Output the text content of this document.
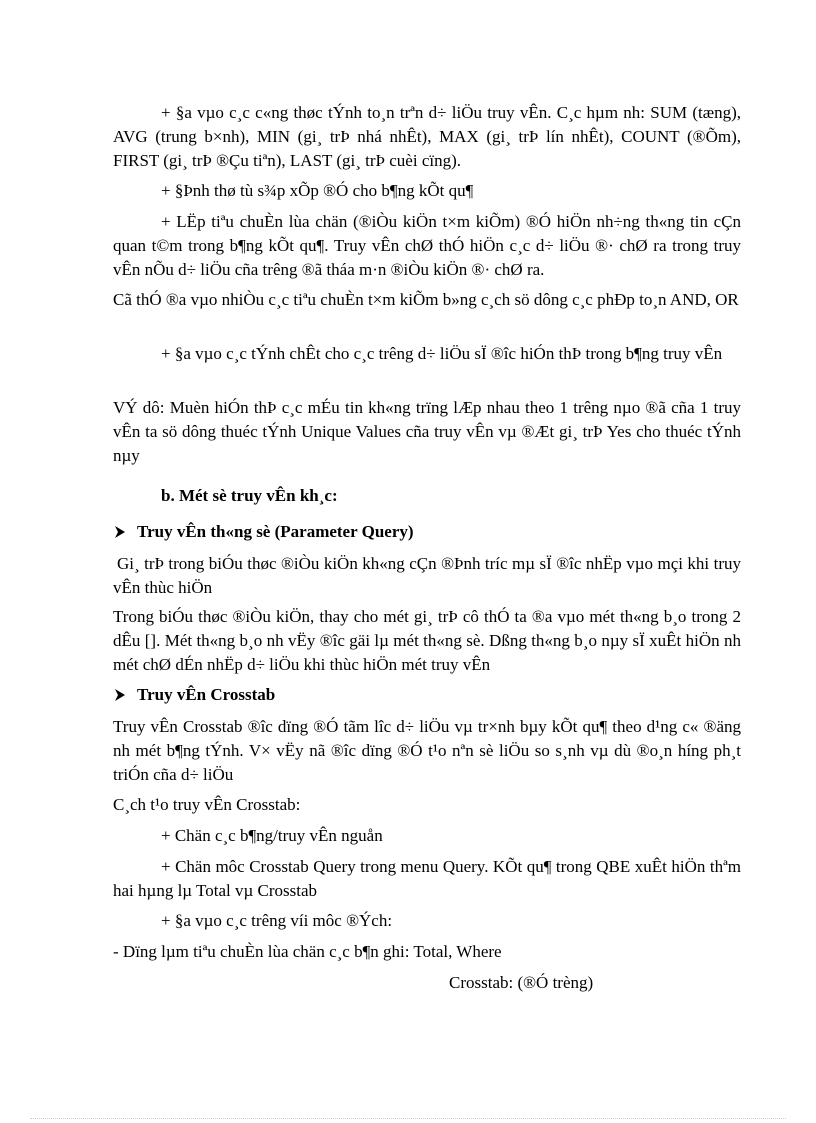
+ §a vµo c¸c c«ng thøc tÝnh to¸n trªn d÷ liÖu truy vÊn. C¸c hµm nh: SUM (tæng), AVG (trung b×nh), MIN (gi¸ trÞ nhá nhÊt), MAX (gi¸ trÞ lín nhÊt), COUNT (®Õm), FIRST (gi¸ trÞ ®Çu tiªn), LAST (gi¸ trÞ cuèi cïng).

+ §Þnh thø tù s¾p xÕp ®Ó cho b¶ng kÕt qu¶

+ LËp tiªu chuÈn lùa chän (®iÒu kiÖn t×m kiÕm) ®Ó hiÖn nh÷ng th«ng tin cÇn quan t©m trong b¶ng kÕt qu¶. Truy vÊn chØ thÓ hiÖn c¸c d÷ liÖu ®· chØ ra trong truy vÊn nÕu d÷ liÖu cña trêng ®ã tháa m·n ®iÒu kiÖn ®· chØ ra.

Cã thÓ ®a vµo nhiÒu c¸c tiªu chuÈn t×m kiÕm b»ng c¸ch sö dông c¸c phÐp to¸n AND, OR

+ §a vµo c¸c tÝnh chÊt cho c¸c trêng d÷ liÖu sÏ ®îc hiÓn thÞ trong b¶ng truy vÊn

VÝ dô: Muèn hiÓn thÞ c¸c mÉu tin kh«ng trïng lÆp nhau theo 1 trêng nµo ®ã cña 1 truy vÊn ta sö dông thuéc tÝnh Unique Values cña truy vÊn vµ ®Æt gi¸ trÞ Yes cho thuéc tÝnh nµy

b. Mét sè truy vÊn kh¸c:
Truy vÊn th«ng sè (Parameter Query)

Gi¸ trÞ trong biÓu thøc ®iÒu kiÖn kh«ng cÇn ®Þnh tríc mµ sÏ ®îc nhËp vµo mçi khi truy vÊn thùc hiÖn

Trong biÓu thøc ®iÒu kiÖn, thay cho mét gi¸ trÞ cô thÓ ta ®a vµo mét th«ng b¸o trong 2 dÊu []. Mét th«ng b¸o nh vËy ®îc gäi lµ mét th«ng sè. Dßng th«ng b¸o nµy sÏ xuÊt hiÖn nh mét chØ dÉn nhËp d÷ liÖu khi thùc hiÖn mét truy vÊn

Truy vÊn Crosstab

Truy vÊn Crosstab ®îc dïng ®Ó tãm lîc d÷ liÖu vµ tr×nh bµy kÕt qu¶ theo d¹ng c« ®äng nh mét b¶ng tÝnh. V× vËy nã ®îc dïng ®Ó t¹o nªn sè liÖu so s¸nh vµ dù ®o¸n híng ph¸t triÓn cña d÷ liÖu

C¸ch t¹o truy vÊn Crosstab:

+ Chän c¸c b¶ng/truy vÊn nguån

+ Chän môc Crosstab Query trong menu Query. KÕt qu¶ trong QBE xuÊt hiÖn thªm hai hµng lµ Total vµ Crosstab

+ §a vµo c¸c trêng víi môc ®Ých:

- Dïng lµm tiªu chuÈn lùa chän c¸c b¶n ghi: Total, Where

Crosstab: (®Ó trèng)
